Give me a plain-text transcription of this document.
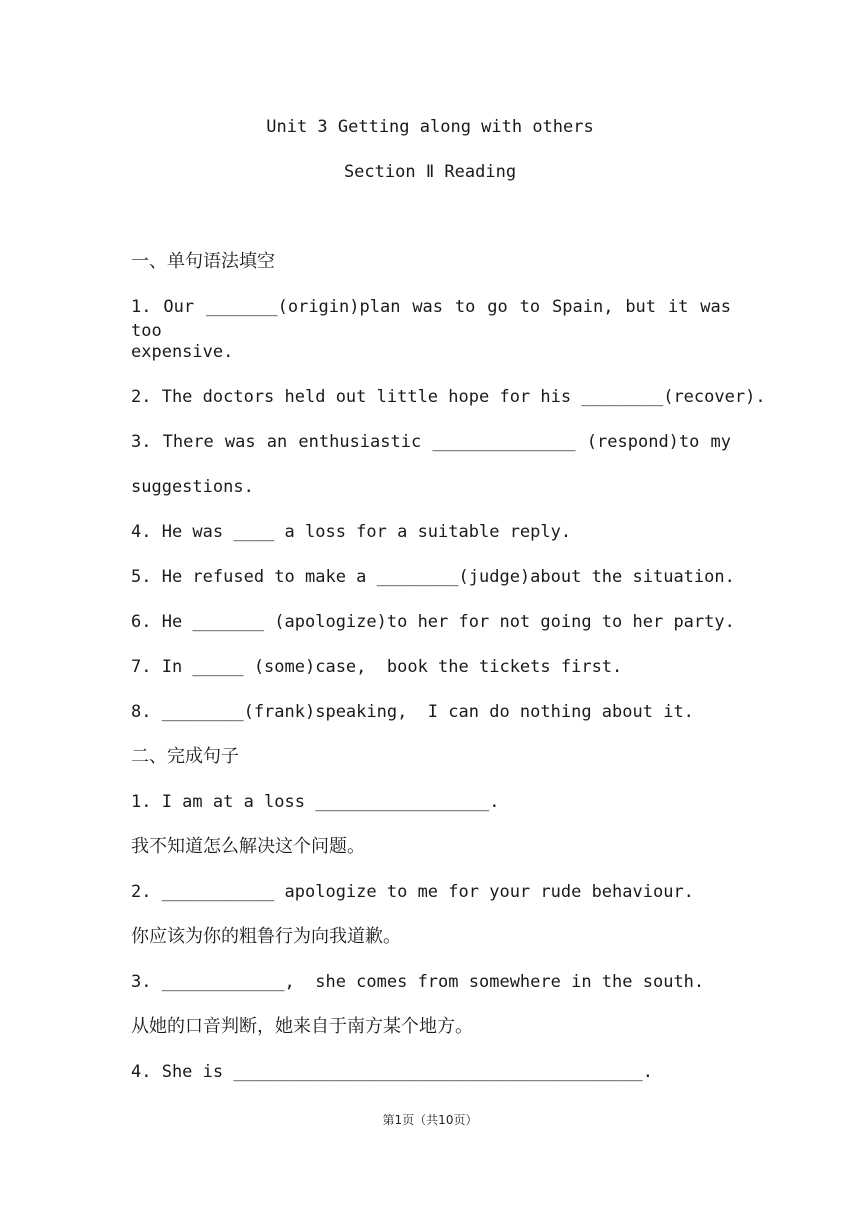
Unit 3 Getting along with others

Section Ⅱ Reading

一、单句语法填空

1. Our _______(origin)plan was to go to Spain, but it was too

expensive.

2. The doctors held out little hope for his ________(recover).

3. There was an enthusiastic ______________ (respond)to my

suggestions.

4. He was ____ a loss for a suitable reply.

5. He refused to make a ________(judge)about the situation.

6. He _______ (apologize)to her for not going to her party.

7. In _____ (some)case,  book the tickets first.

8. ________(frank)speaking,  I can do nothing about it.

二、完成句子

1. I am at a loss _________________.

我不知道怎么解决这个问题。

2. ___________ apologize to me for your rude behaviour.

你应该为你的粗鲁行为向我道歉。

3. ____________,  she comes from somewhere in the south.

从她的口音判断，她来自于南方某个地方。

4. She is ________________________________________.

第1页（共10页）
